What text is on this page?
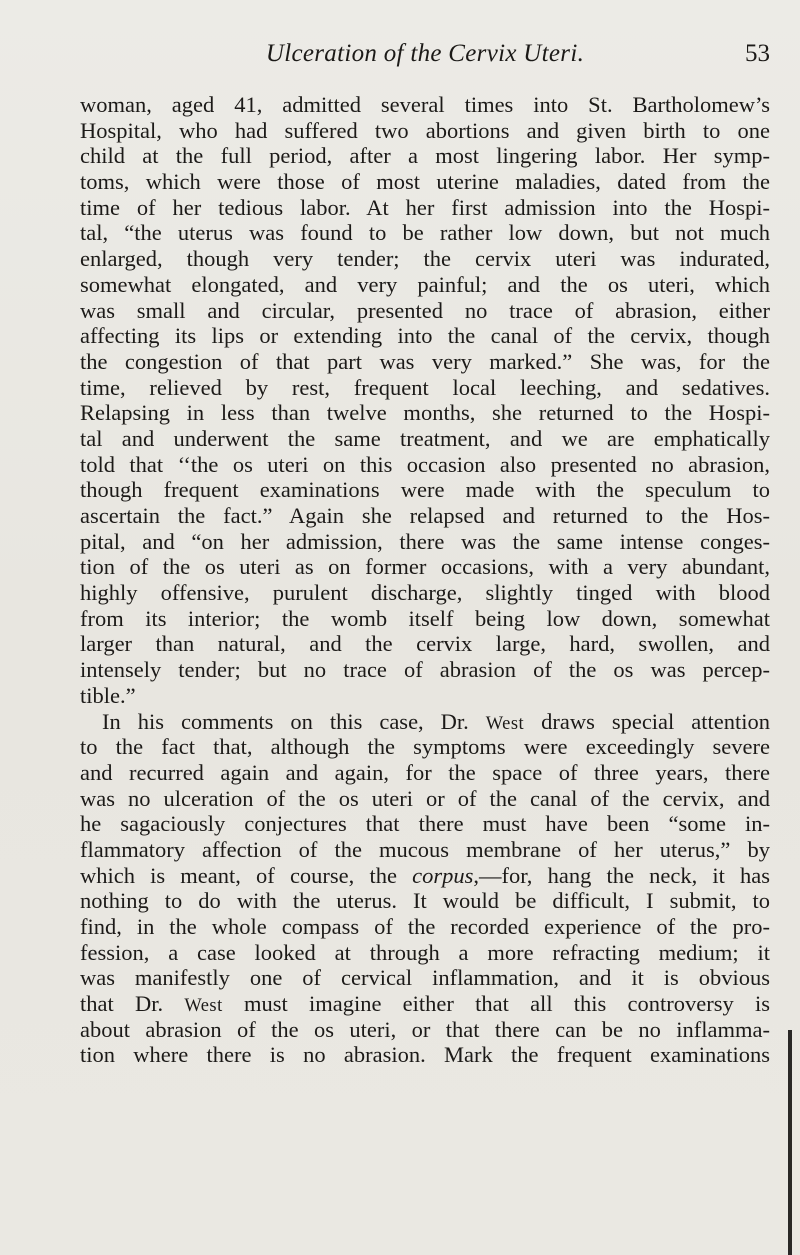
Ulceration of the Cervix Uteri.	53
woman, aged 41, admitted several times into St. Bartholomew’s
Hospital, who had suffered two abortions and given birth to one
child at the full period, after a most lingering labor. Her symp-
toms, which were those of most uterine maladies, dated from the
time of her tedious labor. At her first admission into the Hospi-
tal, “the uterus was found to be rather low down, but not much
enlarged, though very tender; the cervix uteri was indurated,
somewhat elongated, and very painful; and the os uteri, which
was small and circular, presented no trace of abrasion, either
affecting its lips or extending into the canal of the cervix, though
the congestion of that part was very marked.” She was, for the
time, relieved by rest, frequent local leeching, and sedatives.
Relapsing in less than twelve months, she returned to the Hospi-
tal and underwent the same treatment, and we are emphatically
told that ‘‘the os uteri on this occasion also presented no abrasion,
though frequent examinations were made with the speculum to
ascertain the fact.” Again she relapsed and returned to the Hos-
pital, and “on her admission, there was the same intense conges-
tion of the os uteri as on former occasions, with a very abundant,
highly offensive, purulent discharge, slightly tinged with blood
from its interior; the womb itself being low down, somewhat
larger than natural, and the cervix large, hard, swollen, and
intensely tender; but no trace of abrasion of the os was percep-
tible.”
In his comments on this case, Dr. West draws special attention
to the fact that, although the symptoms were exceedingly severe
and recurred again and again, for the space of three years, there
was no ulceration of the os uteri or of the canal of the cervix, and
he sagaciously conjectures that there must have been “some in-
flammatory affection of the mucous membrane of her uterus,” by
which is meant, of course, the corpus,—for, hang the neck, it has
nothing to do with the uterus. It would be difficult, I submit, to
find, in the whole compass of the recorded experience of the pro-
fession, a case looked at through a more refracting medium; it
was manifestly one of cervical inflammation, and it is obvious
that Dr. West must imagine either that all this controversy is
about abrasion of the os uteri, or that there can be no inflamma-
tion where there is no abrasion. Mark the frequent examinations
